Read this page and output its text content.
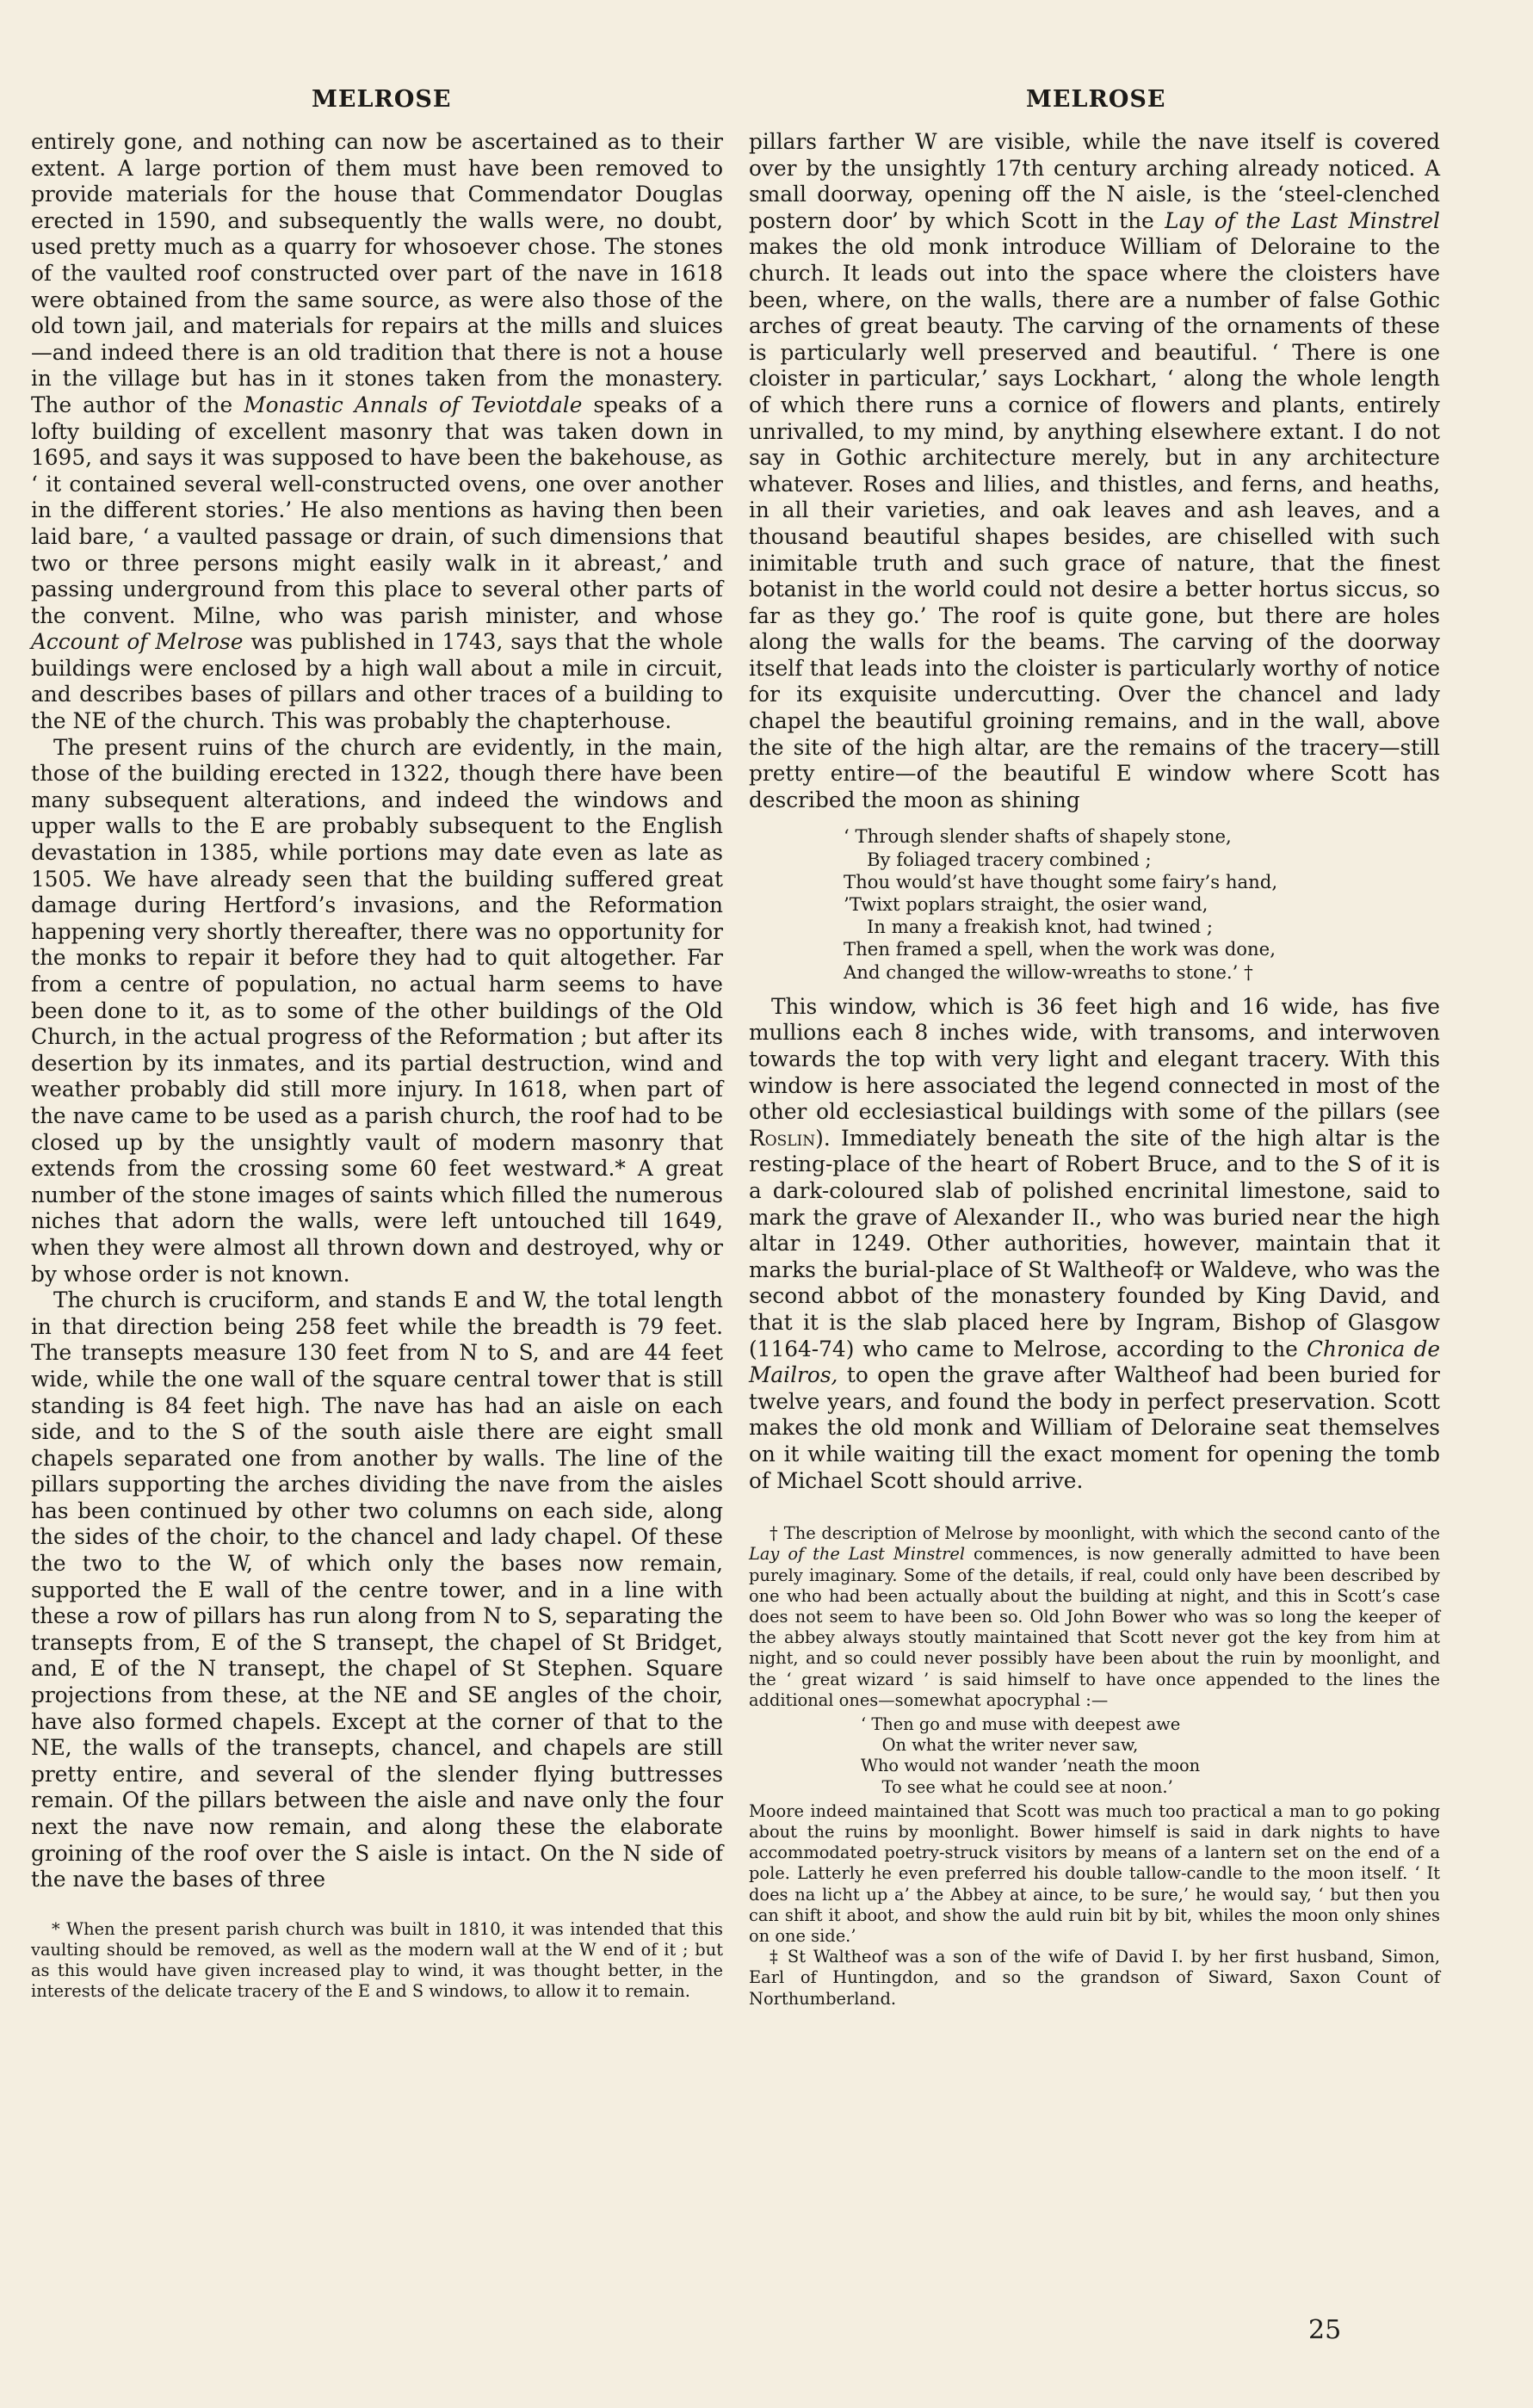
MELROSE	MELROSE

entirely gone, and nothing can now be ascertained as to their extent. A large portion of them must have been removed to provide materials for the house that Commendator Douglas erected in 1590, and subsequently the walls were, no doubt, used pretty much as a quarry for whosoever chose. The stones of the vaulted roof constructed over part of the nave in 1618 were obtained from the same source, as were also those of the old town jail, and materials for repairs at the mills and sluices—and indeed there is an old tradition that there is not a house in the village but has in it stones taken from the monastery. The author of the Monastic Annals of Teviotdale speaks of a lofty building of excellent masonry that was taken down in 1695, and says it was supposed to have been the bakehouse, as ‘ it contained several well-constructed ovens, one over another in the different stories.’ He also mentions as having then been laid bare, ‘ a vaulted passage or drain, of such dimensions that two or three persons might easily walk in it abreast,’ and passing underground from this place to several other parts of the convent. Milne, who was parish minister, and whose Account of Melrose was published in 1743, says that the whole buildings were enclosed by a high wall about a mile in circuit, and describes bases of pillars and other traces of a building to the NE of the church. This was probably the chapterhouse.

The present ruins of the church are evidently, in the main, those of the building erected in 1322, though there have been many subsequent alterations, and indeed the windows and upper walls to the E are probably subsequent to the English devastation in 1385, while portions may date even as late as 1505. We have already seen that the building suffered great damage during Hertford’s invasions, and the Reformation happening very shortly thereafter, there was no opportunity for the monks to repair it before they had to quit altogether. Far from a centre of population, no actual harm seems to have been done to it, as to some of the other buildings of the Old Church, in the actual progress of the Reformation ; but after its desertion by its inmates, and its partial destruction, wind and weather probably did still more injury. In 1618, when part of the nave came to be used as a parish church, the roof had to be closed up by the unsightly vault of modern masonry that extends from the crossing some 60 feet westward.* A great number of the stone images of saints which filled the numerous niches that adorn the walls, were left untouched till 1649, when they were almost all thrown down and destroyed, why or by whose order is not known.

The church is cruciform, and stands E and W, the total length in that direction being 258 feet while the breadth is 79 feet. The transepts measure 130 feet from N to S, and are 44 feet wide, while the one wall of the square central tower that is still standing is 84 feet high. The nave has had an aisle on each side, and to the S of the south aisle there are eight small chapels separated one from another by walls. The line of the pillars supporting the arches dividing the nave from the aisles has been continued by other two columns on each side, along the sides of the choir, to the chancel and lady chapel. Of these the two to the W, of which only the bases now remain, supported the E wall of the centre tower, and in a line with these a row of pillars has run along from N to S, separating the transepts from, E of the S transept, the chapel of St Bridget, and, E of the N transept, the chapel of St Stephen. Square projections from these, at the NE and SE angles of the choir, have also formed chapels. Except at the corner of that to the NE, the walls of the transepts, chancel, and chapels are still pretty entire, and several of the slender flying buttresses remain. Of the pillars between the aisle and nave only the four next the nave now remain, and along these the elaborate groining of the roof over the S aisle is intact. On the N side of the nave the bases of three

* When the present parish church was built in 1810, it was intended that this vaulting should be removed, as well as the modern wall at the W end of it ; but as this would have given increased play to wind, it was thought better, in the interests of the delicate tracery of the E and S windows, to allow it to remain.

pillars farther W are visible, while the nave itself is covered over by the unsightly 17th century arching already noticed. A small doorway, opening off the N aisle, is the ‘steel-clenched postern door’ by which Scott in the Lay of the Last Minstrel makes the old monk introduce William of Deloraine to the church. It leads out into the space where the cloisters have been, where, on the walls, there are a number of false Gothic arches of great beauty. The carving of the ornaments of these is particularly well preserved and beautiful. ‘ There is one cloister in particular,’ says Lockhart, ‘ along the whole length of which there runs a cornice of flowers and plants, entirely unrivalled, to my mind, by anything elsewhere extant. I do not say in Gothic architecture merely, but in any architecture whatever. Roses and lilies, and thistles, and ferns, and heaths, in all their varieties, and oak leaves and ash leaves, and a thousand beautiful shapes besides, are chiselled with such inimitable truth and such grace of nature, that the finest botanist in the world could not desire a better hortus siccus, so far as they go.’ The roof is quite gone, but there are holes along the walls for the beams. The carving of the doorway itself that leads into the cloister is particularly worthy of notice for its exquisite undercutting. Over the chancel and lady chapel the beautiful groining remains, and in the wall, above the site of the high altar, are the remains of the tracery—still pretty entire—of the beautiful E window where Scott has described the moon as shining

‘ Through slender shafts of shapely stone,
By foliaged tracery combined ;
Thou would’st have thought some fairy’s hand,
’Twixt poplars straight, the osier wand,
In many a freakish knot, had twined ;
Then framed a spell, when the work was done,
And changed the willow-wreaths to stone.’ †

This window, which is 36 feet high and 16 wide, has five mullions each 8 inches wide, with transoms, and interwoven towards the top with very light and elegant tracery. With this window is here associated the legend connected in most of the other old ecclesiastical buildings with some of the pillars (see Roslin). Immediately beneath the site of the high altar is the resting-place of the heart of Robert Bruce, and to the S of it is a dark-coloured slab of polished encrinital limestone, said to mark the grave of Alexander II., who was buried near the high altar in 1249. Other authorities, however, maintain that it marks the burial-place of St Waltheof‡ or Waldeve, who was the second abbot of the monastery founded by King David, and that it is the slab placed here by Ingram, Bishop of Glasgow (1164-74) who came to Melrose, according to the Chronica de Mailros, to open the grave after Waltheof had been buried for twelve years, and found the body in perfect preservation. Scott makes the old monk and William of Deloraine seat themselves on it while waiting till the exact moment for opening the tomb of Michael Scott should arrive.

† The description of Melrose by moonlight, with which the second canto of the Lay of the Last Minstrel commences, is now generally admitted to have been purely imaginary. Some of the details, if real, could only have been described by one who had been actually about the building at night, and this in Scott’s case does not seem to have been so. Old John Bower who was so long the keeper of the abbey always stoutly maintained that Scott never got the key from him at night, and so could never possibly have been about the ruin by moonlight, and the ‘ great wizard ’ is said himself to have once appended to the lines the additional ones—somewhat apocryphal :—

‘ Then go and muse with deepest awe
On what the writer never saw,
Who would not wander ’neath the moon
To see what he could see at noon.’

Moore indeed maintained that Scott was much too practical a man to go poking about the ruins by moonlight. Bower himself is said in dark nights to have accommodated poetry-struck visitors by means of a lantern set on the end of a pole. Latterly he even preferred his double tallow-candle to the moon itself. ‘ It does na licht up a’ the Abbey at aince, to be sure,’ he would say, ‘ but then you can shift it aboot, and show the auld ruin bit by bit, whiles the moon only shines on one side.’

‡ St Waltheof was a son of the wife of David I. by her first husband, Simon, Earl of Huntingdon, and so the grandson of Siward, Saxon Count of Northumberland.

25
